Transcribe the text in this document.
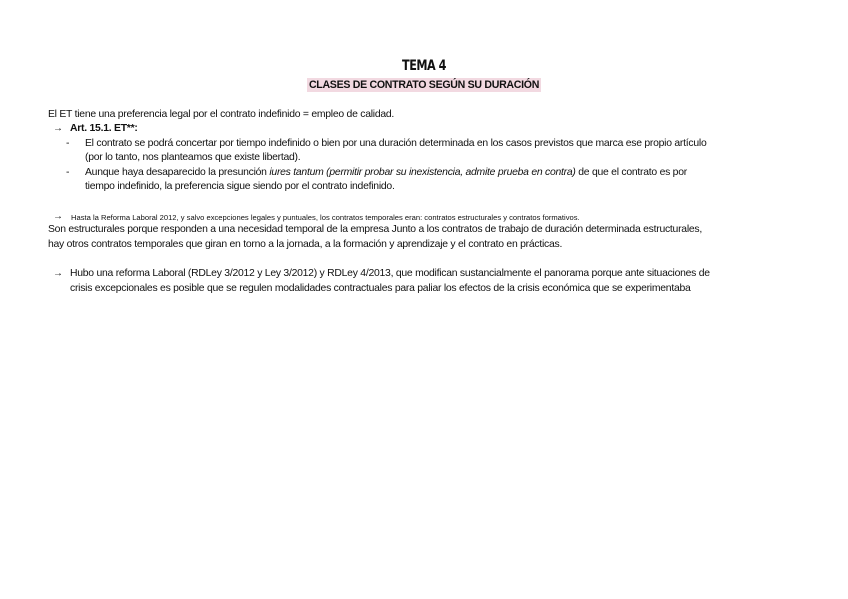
TEMA 4
CLASES DE CONTRATO SEGÚN SU DURACIÓN
El ET tiene una preferencia legal por el contrato indefinido = empleo de calidad.
→ Art. 15.1. ET**:
- El contrato se podrá concertar por tiempo indefinido o bien por una duración determinada en los casos previstos que marca ese propio artículo
(por lo tanto, nos planteamos que existe libertad).
- Aunque haya desaparecido la presunción iures tantum (permitir probar su inexistencia, admite prueba en contra) de que el contrato es por
tiempo indefinido, la preferencia sigue siendo por el contrato indefinido.
→ Hasta la Reforma Laboral 2012, y salvo excepciones legales y puntuales, los contratos temporales eran: contratos estructurales y contratos formativos.
Son estructurales porque responden a una necesidad temporal de la empresa Junto a los contratos de trabajo de duración determinada estructurales,
hay otros contratos temporales que giran en torno a la jornada, a la formación y aprendizaje y el contrato en prácticas.
→ Hubo una reforma Laboral (RDLey 3/2012 y Ley 3/2012) y RDLey 4/2013, que modifican sustancialmente el panorama porque ante situaciones de
crisis excepcionales es posible que se regulen modalidades contractuales para paliar los efectos de la crisis económica que se experimentaba
